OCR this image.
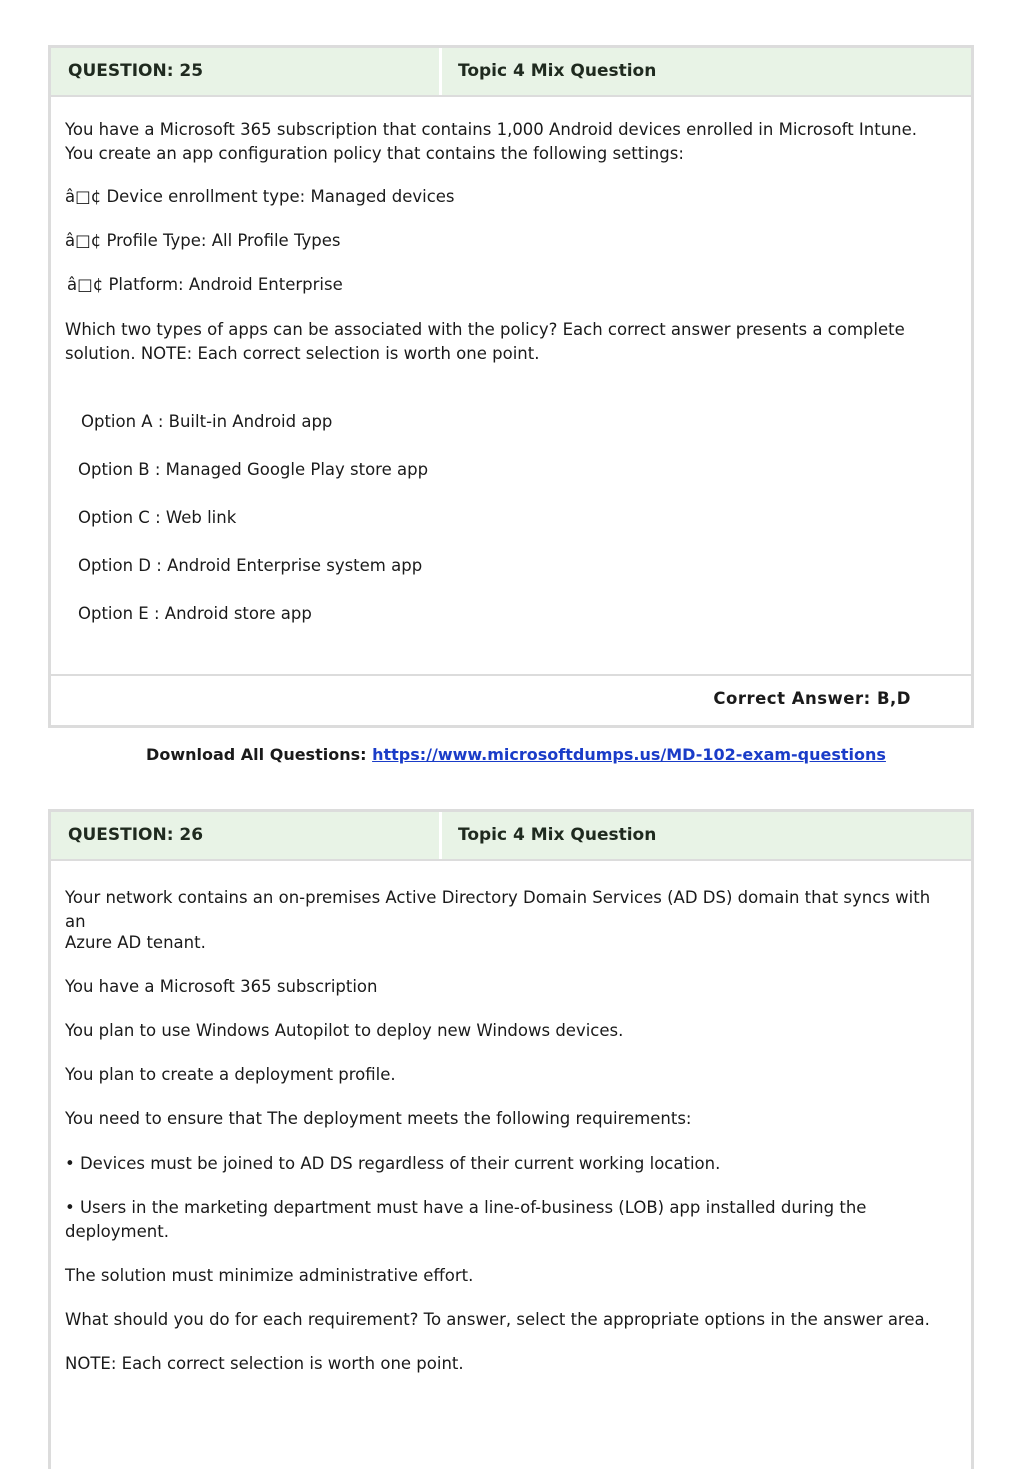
QUESTION: 25	Topic 4 Mix Question

You have a Microsoft 365 subscription that contains 1,000 Android devices enrolled in Microsoft Intune. You create an app configuration policy that contains the following settings:

â□¢ Device enrollment type: Managed devices

â□¢ Profile Type: All Profile Types

â□¢ Platform: Android Enterprise

Which two types of apps can be associated with the policy? Each correct answer presents a complete solution. NOTE: Each correct selection is worth one point.

Option A : Built-in Android app
Option B : Managed Google Play store app
Option C : Web link
Option D : Android Enterprise system app
Option E : Android store app
Correct Answer: B,D
Download All Questions: https://www.microsoftdumps.us/MD-102-exam-questions
QUESTION: 26	Topic 4 Mix Question

Your network contains an on-premises Active Directory Domain Services (AD DS) domain that syncs with an

Azure AD tenant.

You have a Microsoft 365 subscription

You plan to use Windows Autopilot to deploy new Windows devices.

You plan to create a deployment profile.

You need to ensure that The deployment meets the following requirements:

• Devices must be joined to AD DS regardless of their current working location.

• Users in the marketing department must have a line-of-business (LOB) app installed during the deployment.

The solution must minimize administrative effort.

What should you do for each requirement? To answer, select the appropriate options in the answer area.

NOTE: Each correct selection is worth one point.
